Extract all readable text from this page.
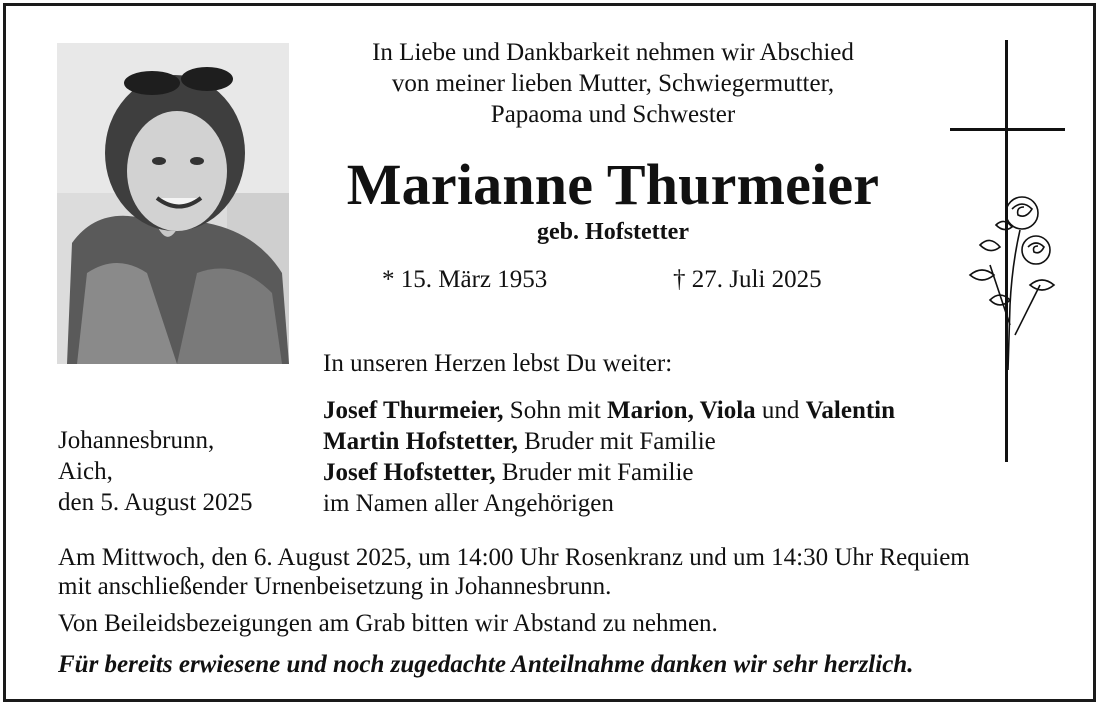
In Liebe und Dankbarkeit nehmen wir Abschied
von meiner lieben Mutter, Schwiegermutter,
Papaoma und Schwester
Marianne Thurmeier
geb. Hofstetter
* 15. März 1953	† 27. Juli 2025
In unseren Herzen lebst Du weiter:
Josef Thurmeier, Sohn mit Marion, Viola und Valentin
Martin Hofstetter, Bruder mit Familie
Josef Hofstetter, Bruder mit Familie
im Namen aller Angehörigen
Johannesbrunn,
Aich,
den 5. August 2025
Am Mittwoch, den 6. August 2025, um 14:00 Uhr Rosenkranz und um 14:30 Uhr Requiem
mit anschließender Urnenbeisetzung in Johannesbrunn.
Von Beileidsbezeigungen am Grab bitten wir Abstand zu nehmen.
Für bereits erwiesene und noch zugedachte Anteilnahme danken wir sehr herzlich.
